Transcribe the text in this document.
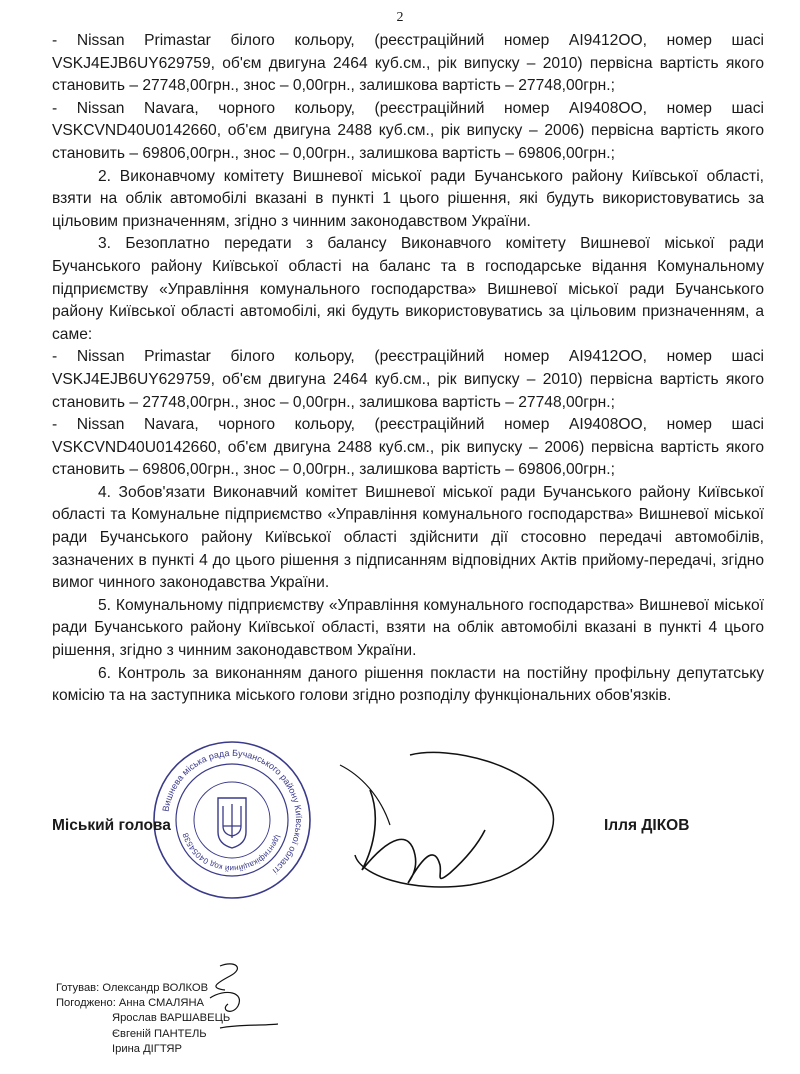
2

- Nissan Primastar білого кольору, (реєстраційний номер АІ9412ОО, номер шасі VSKJ4EJB6UY629759, об'єм двигуна 2464 куб.см., рік випуску – 2010) первісна вартість якого становить – 27748,00грн., знос – 0,00грн., залишкова вартість – 27748,00грн.;

- Nissan Navara, чорного кольору, (реєстраційний номер АІ9408ОО, номер шасі VSKCVND40U0142660, об'єм двигуна 2488 куб.см., рік випуску – 2006) первісна вартість якого становить – 69806,00грн., знос – 0,00грн., залишкова вартість – 69806,00грн.;

2. Виконавчому комітету Вишневої міської ради Бучанського району Київської області, взяти на облік автомобілі вказані в пункті 1 цього рішення, які будуть використовуватись за цільовим призначенням, згідно з чинним законодавством України.

3. Безоплатно передати з балансу Виконавчого комітету Вишневої міської ради Бучанського району Київської області на баланс та в господарське відання Комунальному підприємству «Управління комунального господарства» Вишневої міської ради Бучанського району Київської області автомобілі, які будуть використовуватись за цільовим призначенням, а саме:

- Nissan Primastar білого кольору, (реєстраційний номер АІ9412ОО, номер шасі VSKJ4EJB6UY629759, об'єм двигуна 2464 куб.см., рік випуску – 2010) первісна вартість якого становить – 27748,00грн., знос – 0,00грн., залишкова вартість – 27748,00грн.;

- Nissan Navara, чорного кольору, (реєстраційний номер АІ9408ОО, номер шасі VSKCVND40U0142660, об'єм двигуна 2488 куб.см., рік випуску – 2006) первісна вартість якого становить – 69806,00грн., знос – 0,00грн., залишкова вартість – 69806,00грн.;

4. Зобов'язати Виконавчий комітет Вишневої міської ради Бучанського району Київської області та Комунальне підприємство «Управління комунального господарства» Вишневої міської ради Бучанського району Київської області здійснити дії стосовно передачі автомобілів, зазначених в пункті 4 до цього рішення з підписанням відповідних Актів прийому-передачі, згідно вимог чинного законодавства України.

5. Комунальному підприємству «Управління комунального господарства» Вишневої міської ради Бучанського району Київської області, взяти на облік автомобілі вказані в пункті 4 цього рішення, згідно з чинним законодавством України.

6. Контроль за виконанням даного рішення покласти на постійну профільну депутатську комісію та на заступника міського голови згідно розподілу функціональних обов'язків.

Вишнева міська рада Бучанського району Київської області
Ідентифікаційний код 04054538
Міський голова	Ілля ДІКОВ
Готував: Олександр ВОЛКОВ
Погоджено: Анна СМАЛЯНА
Ярослав ВАРШАВЕЦЬ
Євгеній ПАНТЕЛЬ
Ірина ДІГТЯР
